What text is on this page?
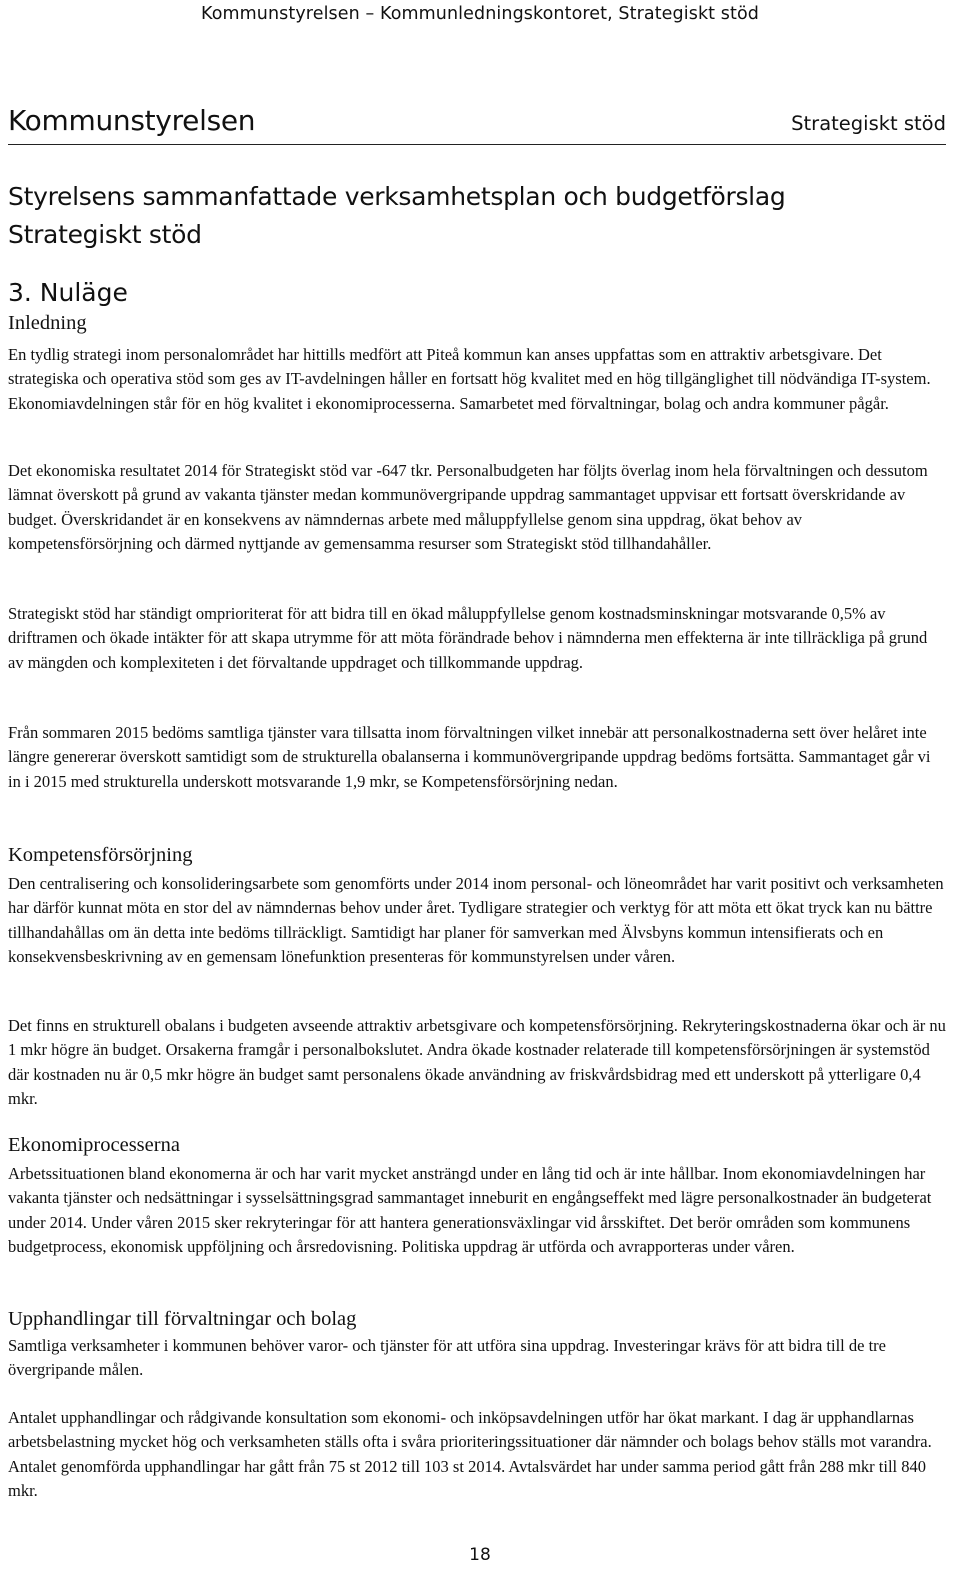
Kommunstyrelsen – Kommunledningskontoret, Strategiskt stöd
Kommunstyrelsen	Strategiskt stöd
Styrelsens sammanfattade verksamhetsplan och budgetförslag
Strategiskt stöd
3. Nuläge
Inledning

En tydlig strategi inom personalområdet har hittills medfört att Piteå kommun kan anses uppfattas som en attraktiv arbetsgivare. Det strategiska och operativa stöd som ges av IT-avdelningen håller en fortsatt hög kvalitet med en hög tillgänglighet till nödvändiga IT-system. Ekonomiavdelningen står för en hög kvalitet i ekonomiprocesserna. Samarbetet med förvaltningar, bolag och andra kommuner pågår.

Det ekonomiska resultatet 2014 för Strategiskt stöd var -647 tkr. Personalbudgeten har följts överlag inom hela förvaltningen och dessutom lämnat överskott på grund av vakanta tjänster medan kommunövergripande uppdrag sammantaget uppvisar ett fortsatt överskridande av budget. Överskridandet är en konsekvens av nämndernas arbete med måluppfyllelse genom sina uppdrag, ökat behov av kompetensförsörjning och därmed nyttjande av gemensamma resurser som Strategiskt stöd tillhandahåller.

Strategiskt stöd har ständigt omprioriterat för att bidra till en ökad måluppfyllelse genom kostnadsminskningar motsvarande 0,5% av driftramen och ökade intäkter för att skapa utrymme för att möta förändrade behov i nämnderna men effekterna är inte tillräckliga på grund av mängden och komplexiteten i det förvaltande uppdraget och tillkommande uppdrag.

Från sommaren 2015 bedöms samtliga tjänster vara tillsatta inom förvaltningen vilket innebär att personalkostnaderna sett över helåret inte längre genererar överskott samtidigt som de strukturella obalanserna i kommunövergripande uppdrag bedöms fortsätta. Sammantaget går vi in i 2015 med strukturella underskott motsvarande 1,9 mkr, se Kompetensförsörjning nedan.

Kompetensförsörjning

Den centralisering och konsolideringsarbete som genomförts under 2014 inom personal- och löneområdet har varit positivt och verksamheten har därför kunnat möta en stor del av nämndernas behov under året. Tydligare strategier och verktyg för att möta ett ökat tryck kan nu bättre tillhandahållas om än detta inte bedöms tillräckligt. Samtidigt har planer för samverkan med Älvsbyns kommun intensifierats och en konsekvensbeskrivning av en gemensam lönefunktion presenteras för kommunstyrelsen under våren.

Det finns en strukturell obalans i budgeten avseende attraktiv arbetsgivare och kompetensförsörjning. Rekryteringskostnaderna ökar och är nu 1 mkr högre än budget. Orsakerna framgår i personalbokslutet. Andra ökade kostnader relaterade till kompetensförsörjningen är systemstöd där kostnaden nu är 0,5 mkr högre än budget samt personalens ökade användning av friskvårdsbidrag med ett underskott på ytterligare 0,4 mkr.

Ekonomiprocesserna

Arbetssituationen bland ekonomerna är och har varit mycket ansträngd under en lång tid och är inte hållbar. Inom ekonomiavdelningen har vakanta tjänster och nedsättningar i sysselsättningsgrad sammantaget inneburit en engångseffekt med lägre personalkostnader än budgeterat under 2014. Under våren 2015 sker rekryteringar för att hantera generationsväxlingar vid årsskiftet. Det berör områden som kommunens budgetprocess, ekonomisk uppföljning och årsredovisning. Politiska uppdrag är utförda och avrapporteras under våren.

Upphandlingar till förvaltningar och bolag

Samtliga verksamheter i kommunen behöver varor- och tjänster för att utföra sina uppdrag. Investeringar krävs för att bidra till de tre övergripande målen.

Antalet upphandlingar och rådgivande konsultation som ekonomi- och inköpsavdelningen utför har ökat markant. I dag är upphandlarnas arbetsbelastning mycket hög och verksamheten ställs ofta i svåra prioriteringssituationer där nämnder och bolags behov ställs mot varandra. Antalet genomförda upphandlingar har gått från 75 st 2012 till 103 st 2014. Avtalsvärdet har under samma period gått från 288 mkr till 840 mkr.

18
